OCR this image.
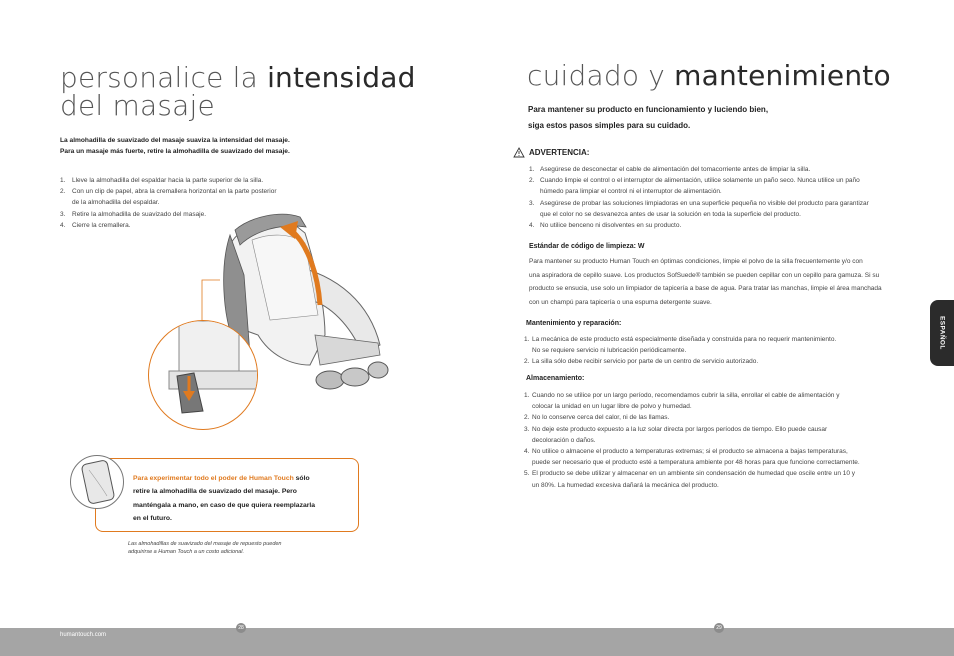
personalice la intensidad
del masaje
La almohadilla de suavizado del masaje suaviza la intensidad del masaje.
Para un masaje más fuerte, retire la almohadilla de suavizado del masaje.
1. Lleve la almohadilla del espaldar hacia la parte superior de la silla.
2. Con un clip de papel, abra la cremallera horizontal en la parte posterior
de la almohadilla del espaldar.
3. Retire la almohadilla de suavizado del masaje.
4. Cierre la cremallera.
Para experimentar todo el poder de Human Touch sólo
retire la almohadilla de suavizado del masaje. Pero
manténgala a mano, en caso de que quiera reemplazarla
en el futuro.
Las almohadillas de suavizado del masaje de repuesto pueden
adquirirse a Human Touch a un costo adicional.
cuidado y mantenimiento
Para mantener su producto en funcionamiento y luciendo bien,
siga estos pasos simples para su cuidado.
ADVERTENCIA:
1. Asegúrese de desconectar el cable de alimentación del tomacorriente antes de limpiar la silla.
2. Cuando limpie el control o el interruptor de alimentación, utilice solamente un paño seco. Nunca utilice un paño
húmedo para limpiar el control ni el interruptor de alimentación.
3. Asegúrese de probar las soluciones limpiadoras en una superficie pequeña no visible del producto para garantizar
que el color no se desvanezca antes de usar la solución en toda la superficie del producto.
4. No utilice benceno ni disolventes en su producto.
Estándar de código de limpieza: W
Para mantener su producto Human Touch en óptimas condiciones, limpie el polvo de la silla frecuentemente y/o con
una aspiradora de cepillo suave. Los productos SofSuede® también se pueden cepillar con un cepillo para gamuza. Si su
producto se ensucia, use solo un limpiador de tapicería a base de agua. Para tratar las manchas, limpie el área manchada
con un champú para tapicería o una espuma detergente suave.
Mantenimiento y reparación:
1. La mecánica de este producto está especialmente diseñada y construida para no requerir mantenimiento.
No se requiere servicio ni lubricación periódicamente.
2. La silla sólo debe recibir servicio por parte de un centro de servicio autorizado.
Almacenamiento:
1. Cuando no se utilice por un largo período, recomendamos cubrir la silla, enrollar el cable de alimentación y
colocar la unidad en un lugar libre de polvo y humedad.
2. No lo conserve cerca del calor, ni de las llamas.
3. No deje este producto expuesto a la luz solar directa por largos períodos de tiempo. Ello puede causar
decoloración o daños.
4. No utilice o almacene el producto a temperaturas extremas; si el producto se almacena a bajas temperaturas,
puede ser necesario que el producto esté a temperatura ambiente por 48 horas para que funcione correctamente.
5. El producto se debe utilizar y almacenar en un ambiente sin condensación de humedad que oscile entre un 10 y
un 80%. La humedad excesiva dañará la mecánica del producto.
ESPAÑOL
humantouch.com
28	29
